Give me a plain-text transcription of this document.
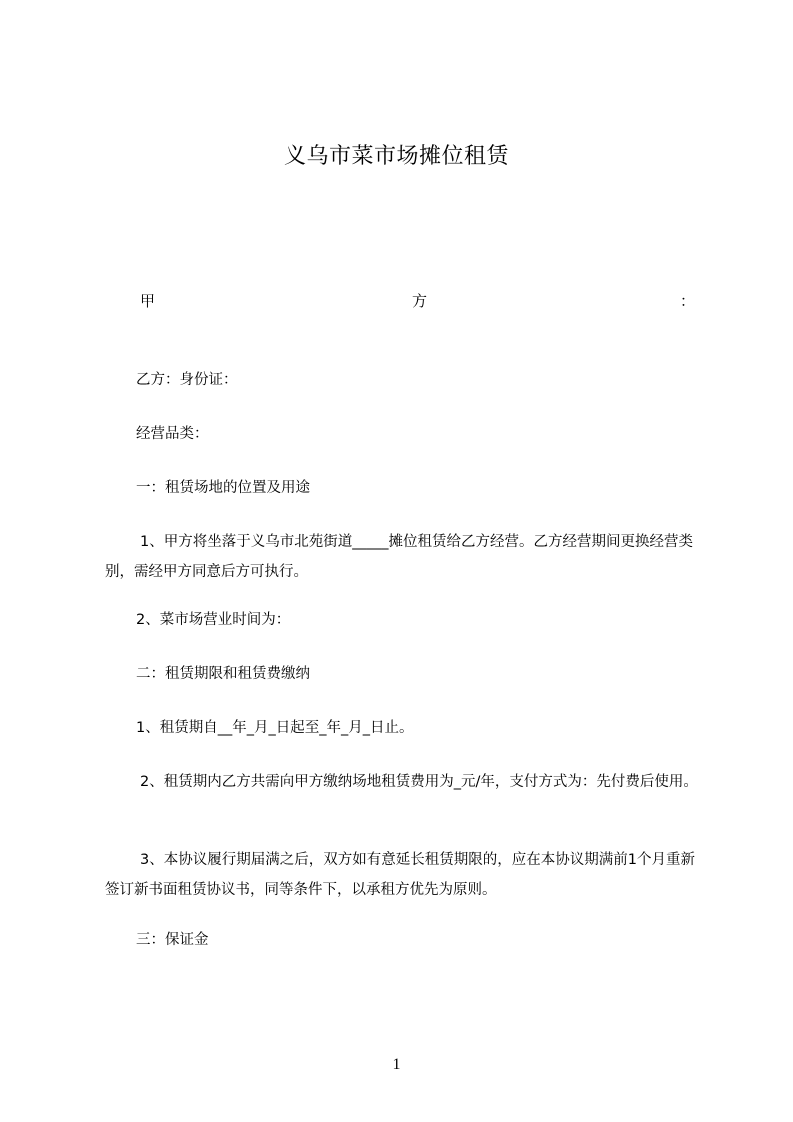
义乌市菜市场摊位租赁
甲	方	：

乙方：身份证：

经营品类：

一：租赁场地的位置及用途

1、甲方将坐落于义乌市北苑街道_____摊位租赁给乙方经营。乙方经营期间更换经营类别，需经甲方同意后方可执行。

2、菜市场营业时间为：

二：租赁期限和租赁费缴纳

1、租赁期自__年_月_日起至_年_月_日止。

2、租赁期内乙方共需向甲方缴纳场地租赁费用为_元/年，支付方式为：先付费后使用。

3、本协议履行期届满之后，双方如有意延长租赁期限的，应在本协议期满前1个月重新签订新书面租赁协议书，同等条件下，以承租方优先为原则。

三：保证金

1
